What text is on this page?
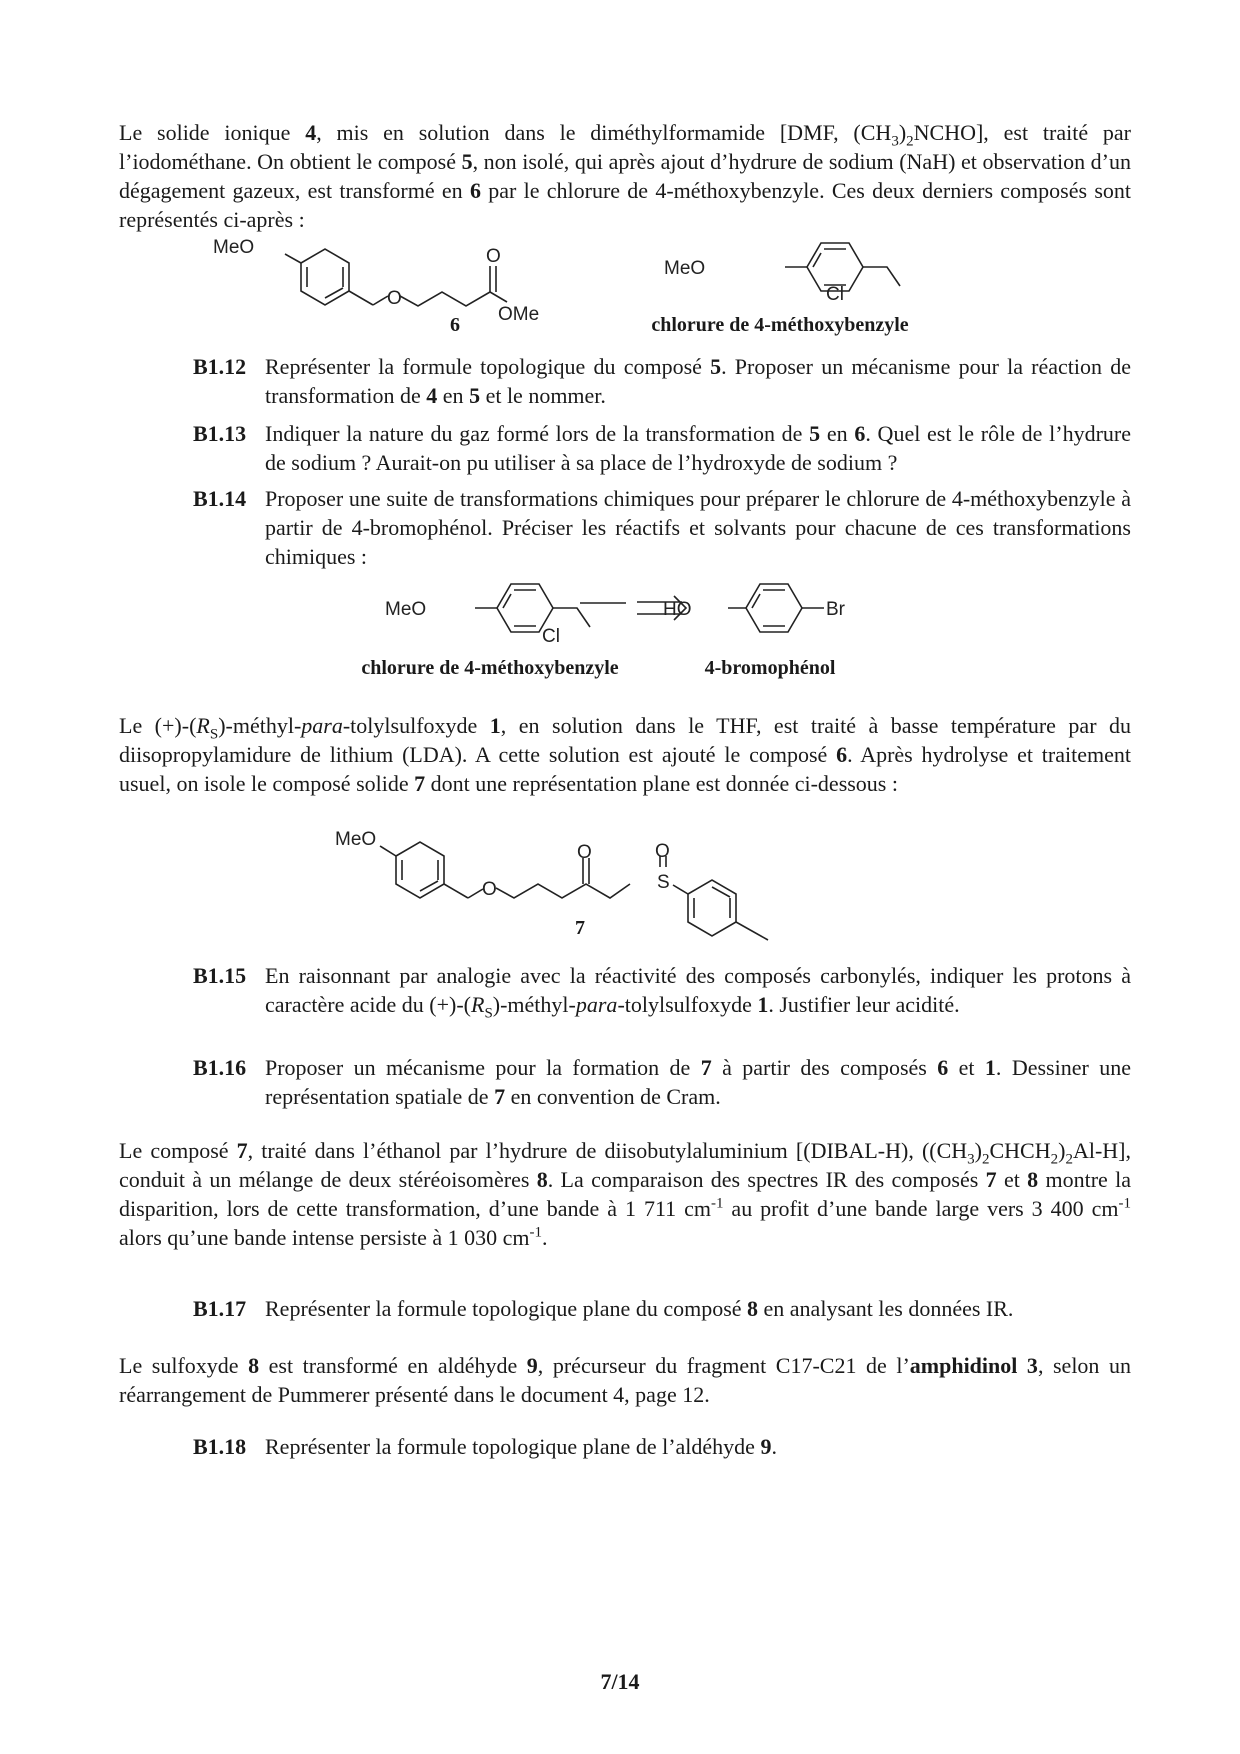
Le solide ionique 4, mis en solution dans le diméthylformamide [DMF, $(CH_3)_2NCHO$], est traité par l’iodométhane. On obtient le composé 5, non isolé, qui après ajout d’hydrure de sodium (NaH) et observation d’un dégagement gazeux, est transformé en 6 par le chlorure de 4-méthoxybenzyle. Ces deux derniers composés sont représentés ci-après :
MeO
O
O
OMe
6
MeO
Cl
chlorure de 4-méthoxybenzyle
B1.12 Représenter la formule topologique du composé 5. Proposer un mécanisme pour la réaction de transformation de 4 en 5 et le nommer.
B1.13 Indiquer la nature du gaz formé lors de la transformation de 5 en 6. Quel est le rôle de l’hydrure de sodium ? Aurait-on pu utiliser à sa place de l’hydroxyde de sodium ?
B1.14 Proposer une suite de transformations chimiques pour préparer le chlorure de 4-méthoxybenzyle à partir de 4-bromophénol. Préciser les réactifs et solvants pour chacune de ces transformations chimiques :
MeO
Cl
HO	Br
chlorure de 4-méthoxybenzyle	4-bromophénol
Le $(+)-(R_S)-méthyl-para$-tolylsulfoxyde 1, en solution dans le THF, est traité à basse température par du diisopropylamidure de lithium (LDA). A cette solution est ajouté le composé 6. Après hydrolyse et traitement usuel, on isole le composé solide 7 dont une représentation plane est donnée ci-dessous :
MeO
O
O	O
S
7
B1.15 En raisonnant par analogie avec la réactivité des composés carbonylés, indiquer les protons à caractère acide du $(+)-(R_S)-méthyl-para$-tolylsulfoxyde 1. Justifier leur acidité.
B1.16 Proposer un mécanisme pour la formation de 7 à partir des composés 6 et 1. Dessiner une représentation spatiale de 7 en convention de Cram.
Le composé 7, traité dans l’éthanol par l’hydrure de diisobutylaluminium [(DIBAL-H), $((CH_3)_2CHCH_2)_2Al-H$], conduit à un mélange de deux stéréoisomères 8. La comparaison des spectres IR des composés 7 et 8 montre la disparition, lors de cette transformation, d’une bande à 1 711 $cm^{-1}$ au profit d’une bande large vers 3 400 $cm^{-1}$ alors qu’une bande intense persiste à 1 030 $cm^{-1}$.
B1.17 Représenter la formule topologique plane du composé 8 en analysant les données IR.
Le sulfoxyde 8 est transformé en aldéhyde 9, précurseur du fragment C17-C21 de l’amphidinol 3, selon un réarrangement de Pummerer présenté dans le document 4, page 12.
B1.18 Représenter la formule topologique plane de l’aldéhyde 9.
7/14
